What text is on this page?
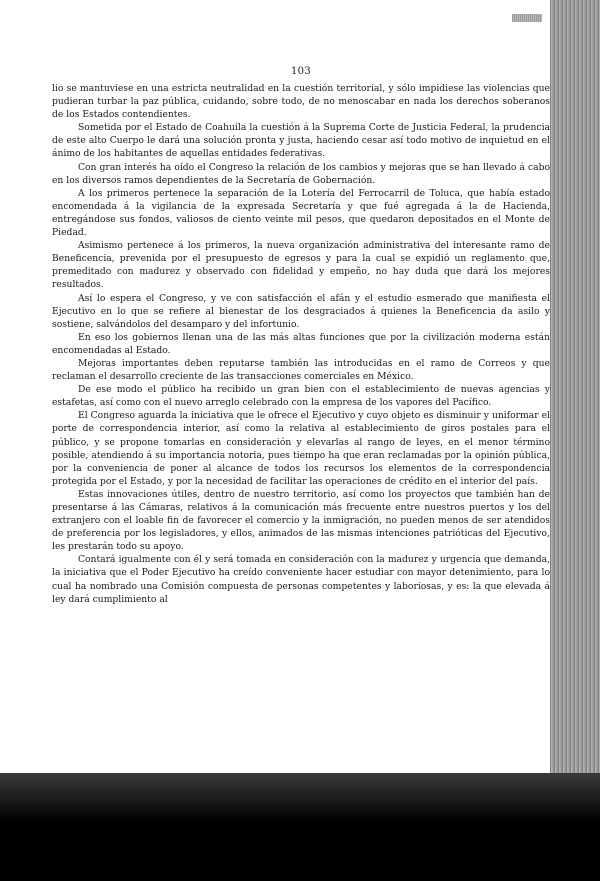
103

lio se mantuviese en una estricta neutralidad en la cuestión territorial, y sólo impidiese las violencias que pudieran turbar la paz pública, cuidando, sobre todo, de no menoscabar en nada los derechos soberanos de los Estados contendientes.

Sometida por el Estado de Coahuila la cuestión á la Suprema Corte de Justicia Federal, la prudencia de este alto Cuerpo le dará una solución pronta y justa, haciendo cesar así todo motivo de inquietud en el ánimo de los habitantes de aquellas entidades federativas.

Con gran interés ha oído el Congreso la relación de los cambios y mejoras que se han llevado á cabo en los diversos ramos dependientes de la Secretaría de Gobernación.

A los primeros pertenece la separación de la Lotería del Ferrocarril de Toluca, que había estado encomendada á la vigilancia de la expresada Secretaría y que fué agregada á la de Hacienda, entregándose sus fondos, valiosos de ciento veinte mil pesos, que quedaron depositados en el Monte de Piedad.

Asimismo pertenece á los primeros, la nueva organización administrativa del interesante ramo de Beneficencia, prevenida por el presupuesto de egresos y para la cual se expidió un reglamento que, premeditado con madurez y observado con fidelidad y empeño, no hay duda que dará los mejores resultados.

Así lo espera el Congreso, y ve con satisfacción el afán y el estudio esmerado que manifiesta el Ejecutivo en lo que se refiere al bienestar de los desgraciados á quienes la Beneficencia da asilo y sostiene, salvándolos del desamparo y del infortunio.

En eso los gobiernos llenan una de las más altas funciones que por la civilización moderna están encomendadas al Estado.

Mejoras importantes deben reputarse también las introducidas en el ramo de Correos y que reclaman el desarrollo creciente de las transacciones comerciales en México.

De ese modo el público ha recibido un gran bien con el establecimiento de nuevas agencias y estafetas, así como con el nuevo arreglo celebrado con la empresa de los vapores del Pacífico.

El Congreso aguarda la iniciativa que le ofrece el Ejecutivo y cuyo objeto es disminuir y uniformar el porte de correspondencia interior, así como la relativa al establecimiento de giros postales para el público, y se propone tomarlas en consideración y elevarlas al rango de leyes, en el menor término posible, atendiendo á su importancia notoria, pues tiempo ha que eran reclamadas por la opinión pública, por la conveniencia de poner al alcance de todos los recursos los elementos de la correspondencia protegida por el Estado, y por la necesidad de facilitar las operaciones de crédito en el interior del país.

Estas innovaciones útiles, dentro de nuestro territorio, así como los proyectos que también han de presentarse á las Cámaras, relativos á la comunicación más frecuente entre nuestros puertos y los del extranjero con el loable fin de favorecer el comercio y la inmigración, no pueden menos de ser atendidos de preferencia por los legisladores, y ellos, animados de las mismas intenciones patrióticas del Ejecutivo, les prestarán todo su apoyo.

Contará igualmente con él y será tomada en consideración con la madurez y urgencia que demanda, la iniciativa que el Poder Ejecutivo ha creído conveniente hacer estudiar con mayor detenimiento, para lo cual ha nombrado una Comisión compuesta de personas competentes y laboriosas, y es: la que elevada á ley dará cumplimiento al
